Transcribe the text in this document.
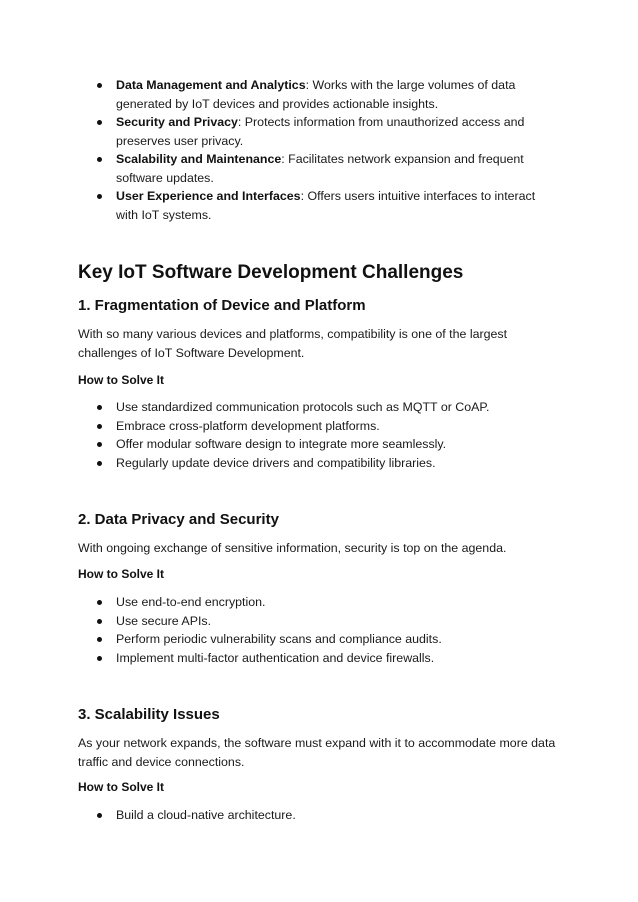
Data Management and Analytics: Works with the large volumes of data generated by IoT devices and provides actionable insights.
Security and Privacy: Protects information from unauthorized access and preserves user privacy.
Scalability and Maintenance: Facilitates network expansion and frequent software updates.
User Experience and Interfaces: Offers users intuitive interfaces to interact with IoT systems.
Key IoT Software Development Challenges
1. Fragmentation of Device and Platform

With so many various devices and platforms, compatibility is one of the largest challenges of IoT Software Development.

How to Solve It

Use standardized communication protocols such as MQTT or CoAP.
Embrace cross-platform development platforms.
Offer modular software design to integrate more seamlessly.
Regularly update device drivers and compatibility libraries.
2. Data Privacy and Security

With ongoing exchange of sensitive information, security is top on the agenda.

How to Solve It

Use end-to-end encryption.
Use secure APIs.
Perform periodic vulnerability scans and compliance audits.
Implement multi-factor authentication and device firewalls.
3. Scalability Issues

As your network expands, the software must expand with it to accommodate more data traffic and device connections.

How to Solve It

Build a cloud-native architecture.
